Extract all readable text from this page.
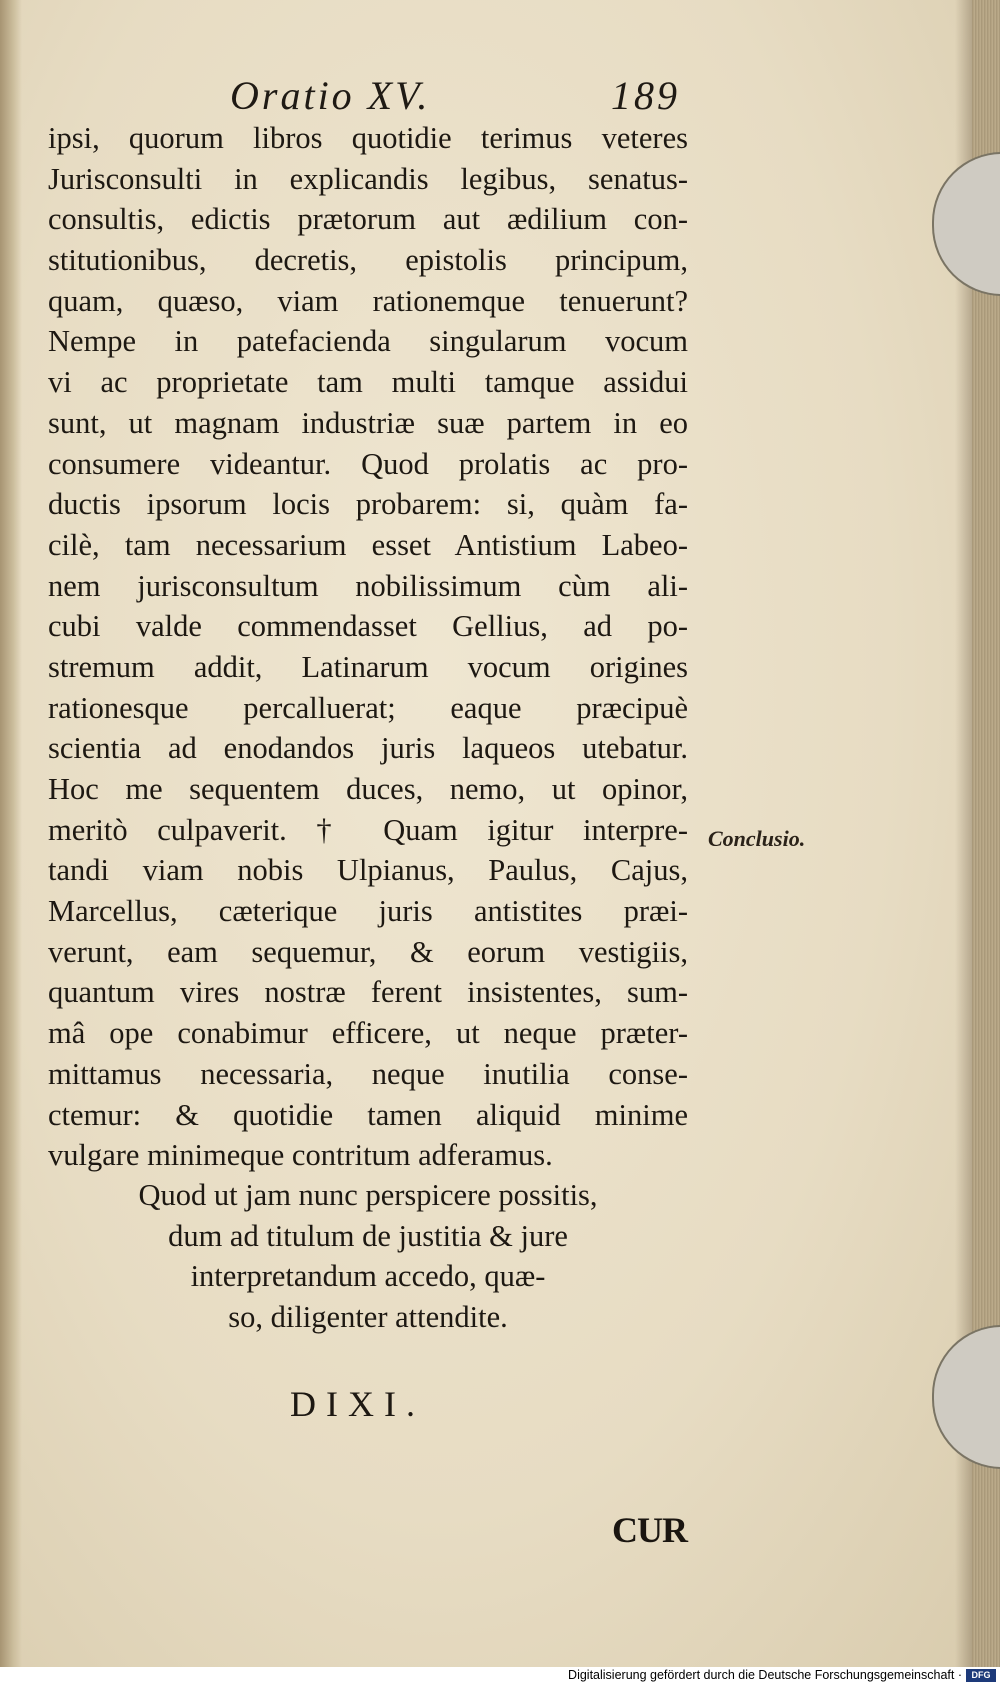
Oratio XV.	189
ipsi, quorum libros quotidie terimus veteres
Jurisconsulti in explicandis legibus, senatus-
consultis, edictis prætorum aut ædilium con-
stitutionibus, decretis, epistolis principum,
quam, quæso, viam rationemque tenuerunt?
Nempe in patefacienda singularum vocum
vi ac proprietate tam multi tamque assidui
sunt, ut magnam industriæ suæ partem in eo
consumere videantur. Quod prolatis ac pro-
ductis ipsorum locis probarem: si, quàm fa-
cilè, tam necessarium esset Antistium Labeo-
nem jurisconsultum nobilissimum cùm ali-
cubi valde commendasset Gellius, ad po-
stremum addit, Latinarum vocum origines
rationesque percalluerat; eaque præcipuè
scientia ad enodandos juris laqueos utebatur.
Hoc me sequentem duces, nemo, ut opinor,
meritò culpaverit. † Quam igitur interpre-
tandi viam nobis Ulpianus, Paulus, Cajus,
Marcellus, cæterique juris antistites præi-
verunt, eam sequemur, & eorum vestigiis,
quantum vires nostræ ferent insistentes, sum-
mâ ope conabimur efficere, ut neque præter-
mittamus necessaria, neque inutilia conse-
ctemur: & quotidie tamen aliquid minime
vulgare minimeque contritum adferamus.
Conclusio.
Quod ut jam nunc perspicere possitis,
dum ad titulum de justitia & jure
interpretandum accedo, quæ-
so, diligenter attendite.
DIXI.
CUR
Digitalisierung gefördert durch die Deutsche Forschungsgemeinschaft ·	DFG
